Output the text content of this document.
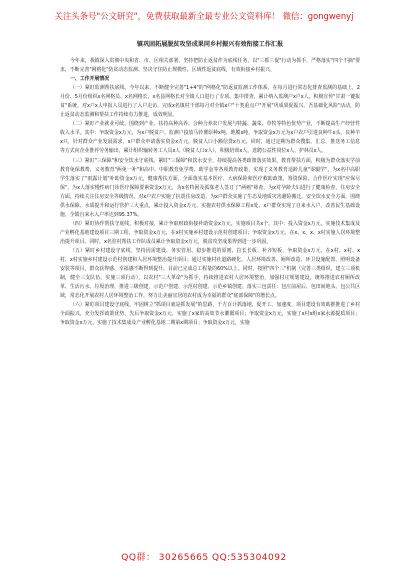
关注头条号"公文研究"，免费获取最新全最专业公文资料库！ 微信：gongwenyj
镇巩固拓展脱贫攻坚成果同乡村振兴有效衔接工作汇报

今年来，我镇深入贯彻中央和省、市、区相关部署，坚持把防止返贫作为底线任务，以"三抓三促"行动为抓手，严格落实"四个不摘"要求，不断完善"网格化"防贫动态监测、坚决守住防止规模性、区域性返贫底线，有效衔接乡村振兴。

一、工作开展情况

（一）紧盯监测帮扶底线。今年以来，不断健全完善"1+4"的"网格化"防返贫监测工作体系，在每月进行常态化排查监测的基础上，2月份、5月份组织x名网格员、x名网格长、x名县网格长对全镇人口进行了专项、集中排查，累计纳入监测户x户x人。积极宣传"甘肃一键报贫"系统，对x户x人申报人员进行了入户走访，完成x名镇村干部每月对全镇x户"十类重点户"开展"巩成果促振兴、吾基础化风险"活动，防止返贫动态监测和帮扶工作持续有力推进，成效明显。

（二）紧盯产业就业可续。围绕到产业，扶持高种高养。合种合养农户发展与特蔬、蔬菜、草牧等特色优势产业，不断提高生产经营性收入水平。其中：争取资金x万元，为x户脱贫户、监测户投放马铃薯原种x吨、地膜x吨，争取资金x万元为x户农户引进良种牛x头，良种羊x只，针对群众产业发展需求，x户群众申请落实资金x万元，脱贫人口小额信贷x万元。同时，通过定期为群众搜集、汇总、推送务工信息等方式向企业推荐劳务输出，累计组织输转务工人员x人（脱贫人口x人），积极培训x人，选聘公益性岗位x人、护林员x人。

（三）紧盯"三保障"和安全饮水守底线。紧盯"三保障"和饮水安全，持续提高各类政策落实效果。教育帮扶方面，积极为群众落实学前教育免保教费、义务教育"两免一补"和高中、中职教育免学费、助学金等各项教育政策，实现了义务教育适龄儿童"零辍学"，为x名中高职学生落实了"雨露计划"补助资金x万元，健康帮扶方面，全面落实基本医疗、大病保险和医疗救助政策，筹资保险、合作医疗实现"应保尽保"，为x人落实慢性病门诊医疗保障要素资金x万元，为x名特困及孤寡老人签订了"两癌"筛查，为x对孕龄夫妇进行了健康检查，住房安全方面，持续关注住房安全等级情况，对x户农户实施了抗震住房改造，为x户群众实施了生态及地质灾害避险搬迁。安全饮水安全方面，围绕供水保障、水质提升和运行管护三大重点，累计投入资金x万元，实施农村供水保障工程x处，x户群众实现了自来水入户。改善民生基础设施，全镇自来水入户率达到95.37%。

（四）紧盯协作帮扶守底线。积极对接，累计争取财政衔接补助资金x万元，实施项目共x个。其中：投入资金x万元，实施技术集成及产业孵化基地建设项目三期工程，争取资金x万元，在x村实施乡村建设示范村创建项目；争取资金x万元，在x、x、x、x村实施人居环境整治提升项目。同时，x名驻村帮扶工作队成员累计争取资金x万元，脱贫攻坚成果得到进一步巩固。

（五）紧盯乡村建设守底线。坚持因需建设、务实管用、稳步推进的原则，拉长长板、补齐短板，争取资金x万元，在x村、x村、x村、x村实施乡村建设示范村创建和人居环境整治提升项目；通过实施村社道路硬化、人居环境改善、厕所改造、环卫设施配置，照明设备安装等项目，群众获得感、幸福感不断得到提升。目前已完成总工程量的60%以上。同时，按照"四个三"机制（完善三类组织、建立三项机制，健全三支队伍、实施三项行动），以农村"三大革命"为抓手，持续推进农村人居环境整治，加强村庄规划建设，统筹推进农村厕所改革、生活污水、垃圾治理，推进三级创建，示范户创建、示范村创建、示范乡镇创建。落实三包责任：包庄前屋后、包田间地头、包公共区域，常态化开展农村人居环境整治工作，努力让美丽宜居的农村成为幸福的群众"底部保障"的增长点。

（六）紧盯项目建设守底线。牢固树立"抓项目就是抓发展"的思路，千方百计抓落地，促开工，加速度，项目建设有效助推推进了乡村全面振兴。充分发挥政策优势，先后争取资金x万元，实施了x家的高效节水灌溉项目；争取资金x万元，实施了x村x组x家水源提质项目；争取资金x万元，实施了技术集成及产业孵化基地二期第x期项目；争取资金x万元，实施

QQ群： 30265665 QQ:535304092
